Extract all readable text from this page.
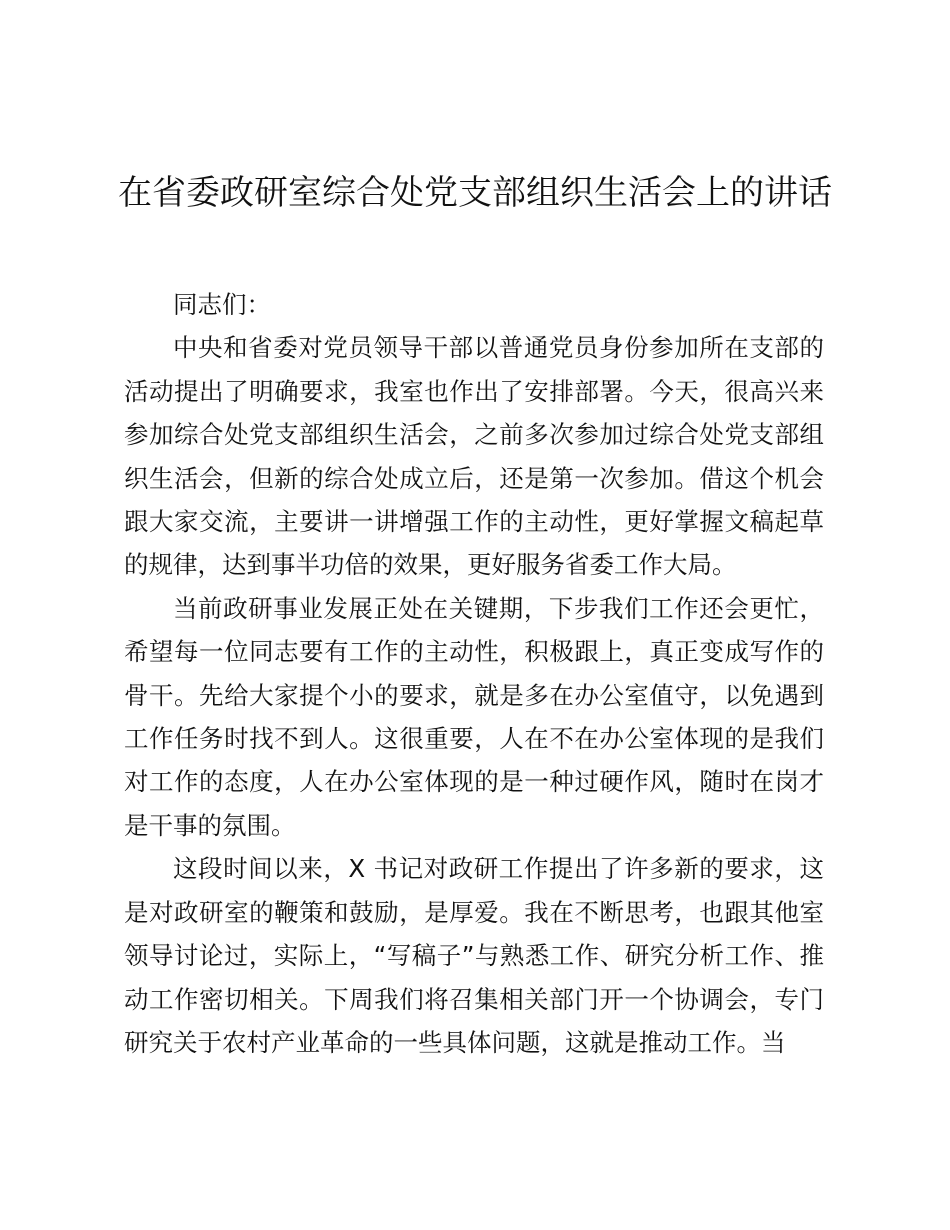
在省委政研室综合处党支部组织生活会上的讲话

同志们：

中央和省委对党员领导干部以普通党员身份参加所在支部的活动提出了明确要求，我室也作出了安排部署。今天，很高兴来参加综合处党支部组织生活会，之前多次参加过综合处党支部组织生活会，但新的综合处成立后，还是第一次参加。借这个机会跟大家交流，主要讲一讲增强工作的主动性，更好掌握文稿起草的规律，达到事半功倍的效果，更好服务省委工作大局。

当前政研事业发展正处在关键期，下步我们工作还会更忙，希望每一位同志要有工作的主动性，积极跟上，真正变成写作的骨干。先给大家提个小的要求，就是多在办公室值守，以免遇到工作任务时找不到人。这很重要，人在不在办公室体现的是我们对工作的态度，人在办公室体现的是一种过硬作风，随时在岗才是干事的氛围。

这段时间以来，X 书记对政研工作提出了许多新的要求，这是对政研室的鞭策和鼓励，是厚爱。我在不断思考，也跟其他室领导讨论过，实际上，“写稿子”与熟悉工作、研究分析工作、推动工作密切相关。下周我们将召集相关部门开一个协调会，专门研究关于农村产业革命的一些具体问题，这就是推动工作。当
